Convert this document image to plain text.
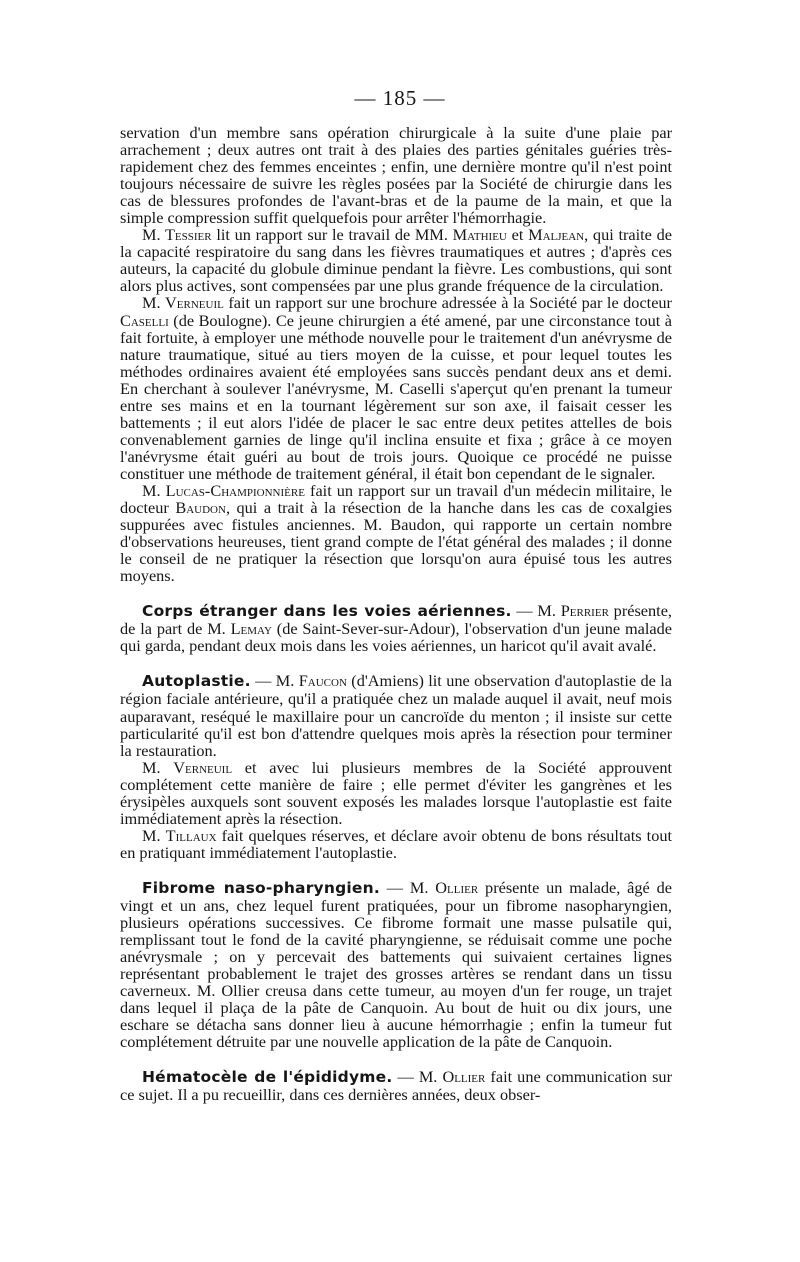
— 185 —

servation d'un membre sans opération chirurgicale à la suite d'une plaie par arrachement ; deux autres ont trait à des plaies des parties génitales guéries très-rapidement chez des femmes enceintes ; enfin, une dernière montre qu'il n'est point toujours nécessaire de suivre les règles posées par la Société de chirurgie dans les cas de blessures profondes de l'avant-bras et de la paume de la main, et que la simple compression suffit quelquefois pour arrêter l'hémorrhagie.

M. Tessier lit un rapport sur le travail de MM. Mathieu et Maljean, qui traite de la capacité respiratoire du sang dans les fièvres traumatiques et autres ; d'après ces auteurs, la capacité du globule diminue pendant la fièvre. Les combustions, qui sont alors plus actives, sont compensées par une plus grande fréquence de la circulation.

M. Verneuil fait un rapport sur une brochure adressée à la Société par le docteur Caselli (de Boulogne). Ce jeune chirurgien a été amené, par une circonstance tout à fait fortuite, à employer une méthode nouvelle pour le traitement d'un anévrysme de nature traumatique, situé au tiers moyen de la cuisse, et pour lequel toutes les méthodes ordinaires avaient été employées sans succès pendant deux ans et demi. En cherchant à soulever l'anévrysme, M. Caselli s'aperçut qu'en prenant la tumeur entre ses mains et en la tournant légèrement sur son axe, il faisait cesser les battements ; il eut alors l'idée de placer le sac entre deux petites attelles de bois convenablement garnies de linge qu'il inclina ensuite et fixa ; grâce à ce moyen l'anévrysme était guéri au bout de trois jours. Quoique ce procédé ne puisse constituer une méthode de traitement général, il était bon cependant de le signaler.

M. Lucas-Championnière fait un rapport sur un travail d'un médecin militaire, le docteur Baudon, qui a trait à la résection de la hanche dans les cas de coxalgies suppurées avec fistules anciennes. M. Baudon, qui rapporte un certain nombre d'observations heureuses, tient grand compte de l'état général des malades ; il donne le conseil de ne pratiquer la résection que lorsqu'on aura épuisé tous les autres moyens.

Corps étranger dans les voies aériennes. — M. Perrier présente, de la part de M. Lemay (de Saint-Sever-sur-Adour), l'observation d'un jeune malade qui garda, pendant deux mois dans les voies aériennes, un haricot qu'il avait avalé.

Autoplastie. — M. Faucon (d'Amiens) lit une observation d'autoplastie de la région faciale antérieure, qu'il a pratiquée chez un malade auquel il avait, neuf mois auparavant, reséqué le maxillaire pour un cancroïde du menton ; il insiste sur cette particularité qu'il est bon d'attendre quelques mois après la résection pour terminer la restauration.

M. Verneuil et avec lui plusieurs membres de la Société approuvent complétement cette manière de faire ; elle permet d'éviter les gangrènes et les érysipèles auxquels sont souvent exposés les malades lorsque l'autoplastie est faite immédiatement après la résection.

M. Tillaux fait quelques réserves, et déclare avoir obtenu de bons résultats tout en pratiquant immédiatement l'autoplastie.

Fibrome naso-pharyngien. — M. Ollier présente un malade, âgé de vingt et un ans, chez lequel furent pratiquées, pour un fibrome nasopharyngien, plusieurs opérations successives. Ce fibrome formait une masse pulsatile qui, remplissant tout le fond de la cavité pharyngienne, se réduisait comme une poche anévrysmale ; on y percevait des battements qui suivaient certaines lignes représentant probablement le trajet des grosses artères se rendant dans un tissu caverneux. M. Ollier creusa dans cette tumeur, au moyen d'un fer rouge, un trajet dans lequel il plaça de la pâte de Canquoin. Au bout de huit ou dix jours, une eschare se détacha sans donner lieu à aucune hémorrhagie ; enfin la tumeur fut complétement détruite par une nouvelle application de la pâte de Canquoin.

Hématocèle de l'épididyme. — M. Ollier fait une communication sur ce sujet. Il a pu recueillir, dans ces dernières années, deux obser-
